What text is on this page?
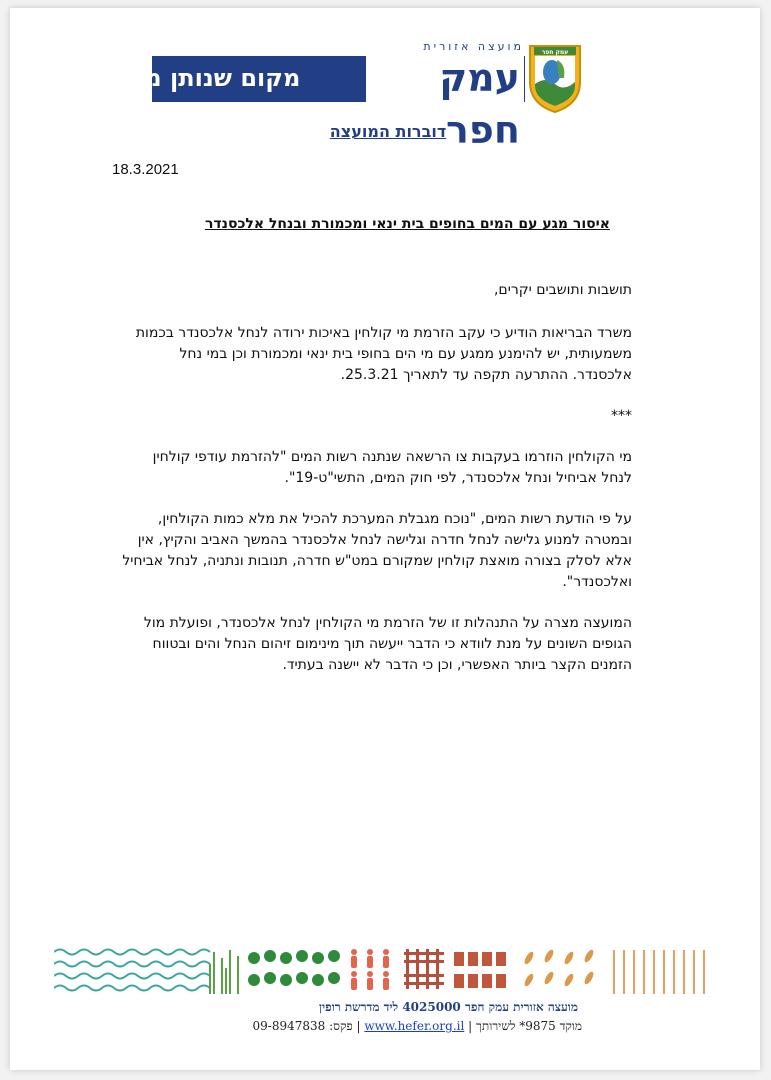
מקום שנותן מקום	עמק חפר
מועצה אזורית	עמק חפר
דוברות המועצה
18.3.2021
איסור מגע עם המים בחופים בית ינאי ומכמורת ובנחל אלכסנדר

תושבות ותושבים יקרים,

משרד הבריאות הודיע כי עקב הזרמת מי קולחין באיכות ירודה לנחל אלכסנדר בכמות משמעותית, יש להימנע ממגע עם מי הים בחופי בית ינאי ומכמורת וכן במי נחל אלכסנדר. ההתרעה תקפה עד לתאריך 25.3.21.

***

מי הקולחין הוזרמו בעקבות צו הרשאה שנתנה רשות המים "להזרמת עודפי קולחין לנחל אביחיל ונחל אלכסנדר, לפי חוק המים, התשי"ט-19".

על פי הודעת רשות המים, "נוכח מגבלת המערכת להכיל את מלא כמות הקולחין, ובמטרה למנוע גלישה לנחל חדרה וגלישה לנחל אלכסנדר בהמשך האביב והקיץ, אין אלא לסלק בצורה מואצת קולחין שמקורם במט"ש חדרה, תנובות ונתניה, לנחל אביחיל ואלכסנדר".

המועצה מצרה על התנהלות זו של הזרמת מי הקולחין לנחל אלכסנדר, ופועלת מול הגופים השונים על מנת לוודא כי הדבר ייעשה תוך מינימום זיהום הנחל והים ובטווח הזמנים הקצר ביותר האפשרי, וכן כי הדבר לא יישנה בעתיד.

מועצה אזורית עמק חפר 4025000 ליד מדרשת רופין
מוקד 9875* לשירותך | www.hefer.org.il | פקס: 09-8947838
